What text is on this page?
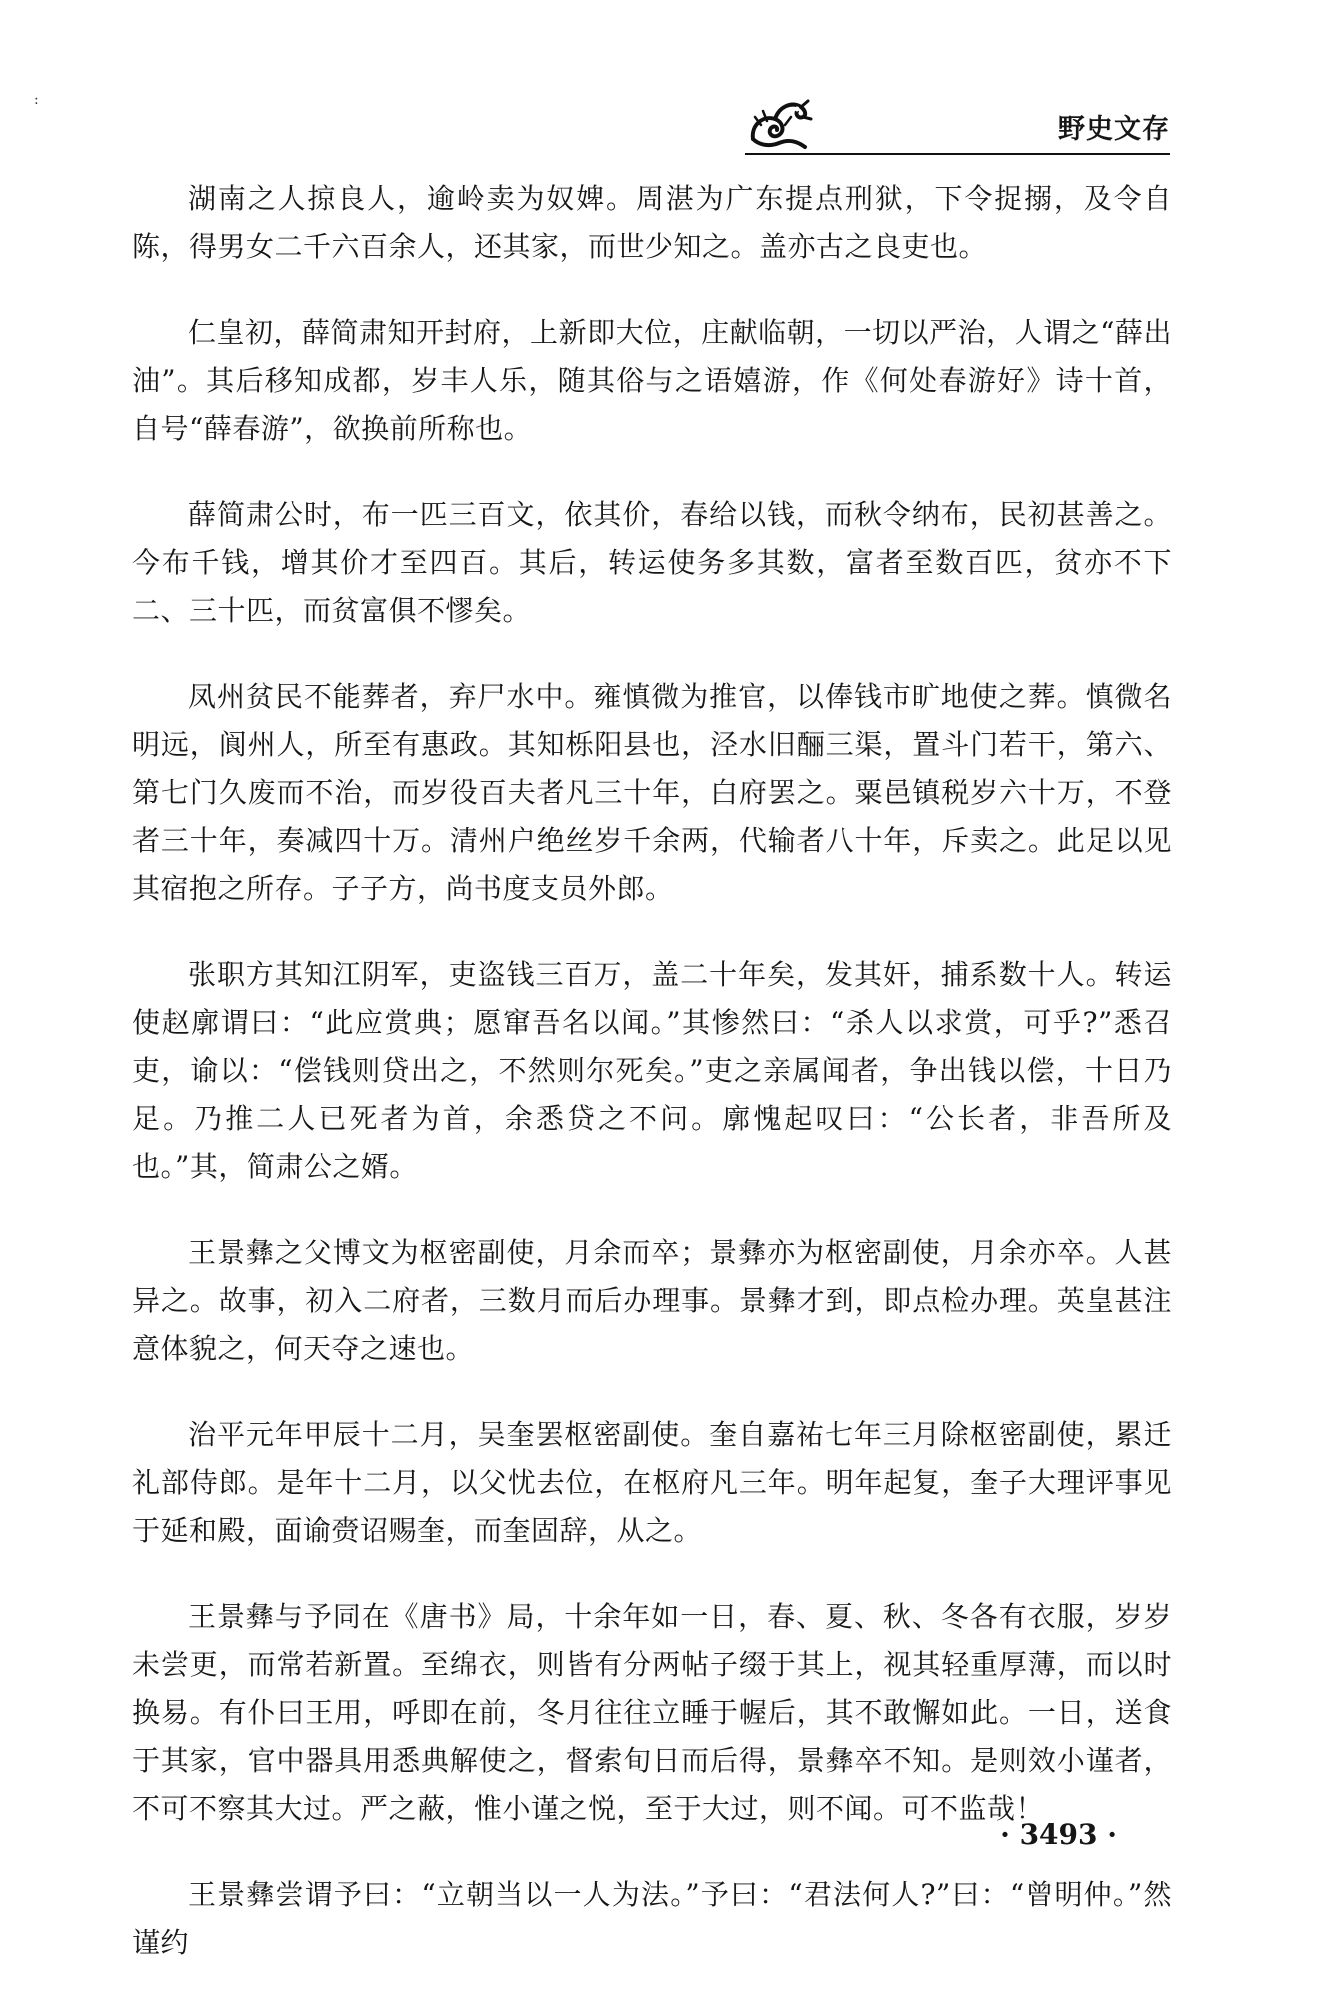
:
野史文存

湖南之人掠良人，逾岭卖为奴婢。周湛为广东提点刑狱，下令捉搦，及令自陈，得男女二千六百余人，还其家，而世少知之。盖亦古之良吏也。

仁皇初，薛简肃知开封府，上新即大位，庄献临朝，一切以严治，人谓之“薛出油”。其后移知成都，岁丰人乐，随其俗与之语嬉游，作《何处春游好》诗十首，自号“薛春游”，欲换前所称也。

薛简肃公时，布一匹三百文，依其价，春给以钱，而秋令纳布，民初甚善之。今布千钱，增其价才至四百。其后，转运使务多其数，富者至数百匹，贫亦不下二、三十匹，而贫富俱不憀矣。

凤州贫民不能葬者，弃尸水中。雍慎微为推官，以俸钱市旷地使之葬。慎微名明远，阆州人，所至有惠政。其知栎阳县也，泾水旧酾三渠，置斗门若干，第六、第七门久废而不治，而岁役百夫者凡三十年，白府罢之。粟邑镇税岁六十万，不登者三十年，奏减四十万。清州户绝丝岁千余两，代输者八十年，斥卖之。此足以见其宿抱之所存。子子方，尚书度支员外郎。

张职方其知江阴军，吏盗钱三百万，盖二十年矣，发其奸，捕系数十人。转运使赵廓谓曰：“此应赏典；愿窜吾名以闻。”其惨然曰：“杀人以求赏，可乎?”悉召吏，谕以：“偿钱则贷出之，不然则尔死矣。”吏之亲属闻者，争出钱以偿，十日乃足。乃推二人已死者为首，余悉贷之不问。廓愧起叹曰：“公长者，非吾所及也。”其，简肃公之婿。

王景彝之父博文为枢密副使，月余而卒；景彝亦为枢密副使，月余亦卒。人甚异之。故事，初入二府者，三数月而后办理事。景彝才到，即点检办理。英皇甚注意体貌之，何天夺之速也。

治平元年甲辰十二月，吴奎罢枢密副使。奎自嘉祐七年三月除枢密副使，累迁礼部侍郎。是年十二月，以父忧去位，在枢府凡三年。明年起复，奎子大理评事见于延和殿，面谕赍诏赐奎，而奎固辞，从之。

王景彝与予同在《唐书》局，十余年如一日，春、夏、秋、冬各有衣服，岁岁未尝更，而常若新置。至绵衣，则皆有分两帖子缀于其上，视其轻重厚薄，而以时换易。有仆曰王用，呼即在前，冬月往往立睡于幄后，其不敢懈如此。一日，送食于其家，官中器具用悉典解使之，督索旬日而后得，景彝卒不知。是则效小谨者，不可不察其大过。严之蔽，惟小谨之悦，至于大过，则不闻。可不监哉！

王景彝尝谓予曰：“立朝当以一人为法。”予曰：“君法何人?”曰：“曾明仲。”然谨约

· 3493 ·
